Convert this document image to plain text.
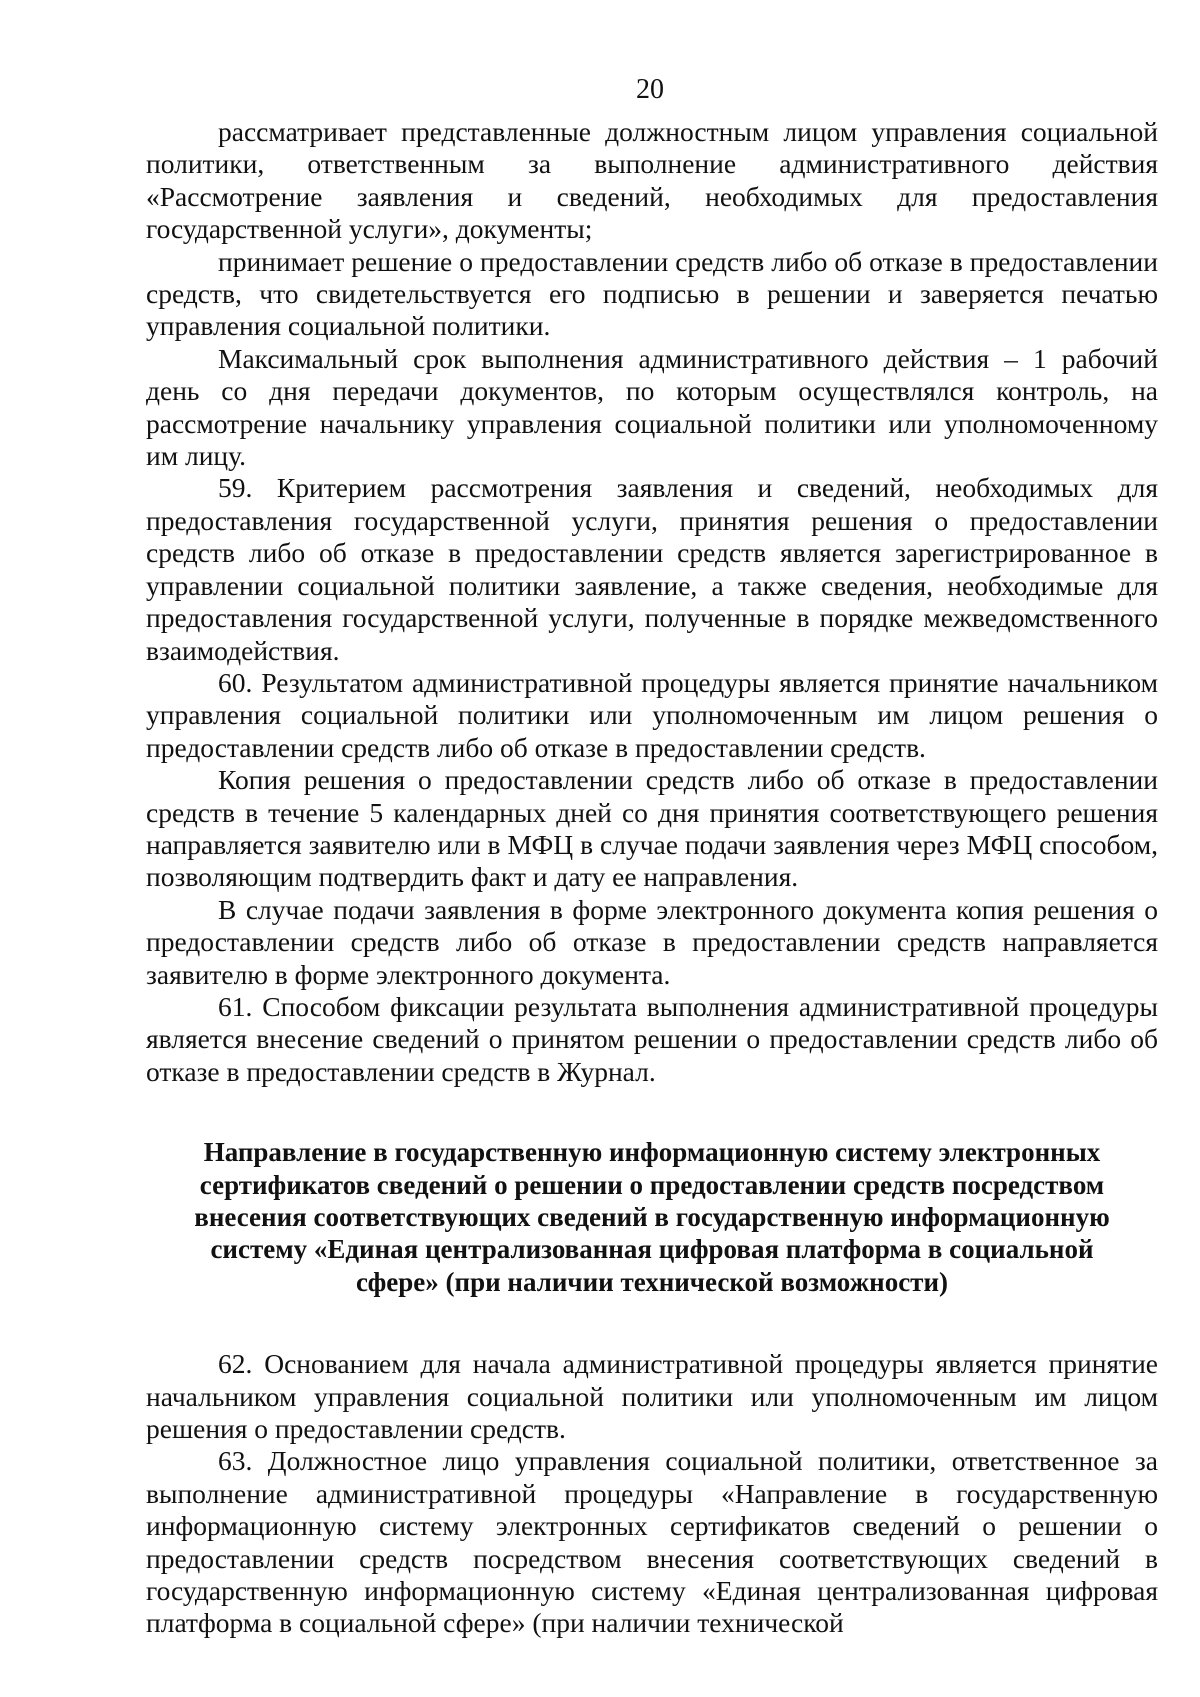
20

рассматривает представленные должностным лицом управления социальной политики, ответственным за выполнение административного действия «Рассмотрение заявления и сведений, необходимых для предоставления государственной услуги», документы;

принимает решение о предоставлении средств либо об отказе в предоставлении средств, что свидетельствуется его подписью в решении и заверяется печатью управления социальной политики.

Максимальный срок выполнения административного действия – 1 рабочий день со дня передачи документов, по которым осуществлялся контроль, на рассмотрение начальнику управления социальной политики или уполномоченному им лицу.

59. Критерием рассмотрения заявления и сведений, необходимых для предоставления государственной услуги, принятия решения о предоставлении средств либо об отказе в предоставлении средств является зарегистрированное в управлении социальной политики заявление, а также сведения, необходимые для предоставления государственной услуги, полученные в порядке межведомственного взаимодействия.

60. Результатом административной процедуры является принятие начальником управления социальной политики или уполномоченным им лицом решения о предоставлении средств либо об отказе в предоставлении средств.

Копия решения о предоставлении средств либо об отказе в предоставлении средств в течение 5 календарных дней со дня принятия соответствующего решения направляется заявителю или в МФЦ в случае подачи заявления через МФЦ способом, позволяющим подтвердить факт и дату ее направления.

В случае подачи заявления в форме электронного документа копия решения о предоставлении средств либо об отказе в предоставлении средств направляется заявителю в форме электронного документа.

61. Способом фиксации результата выполнения административной процедуры является внесение сведений о принятом решении о предоставлении средств либо об отказе в предоставлении средств в Журнал.

Направление в государственную информационную систему электронных
сертификатов сведений о решении о предоставлении средств посредством
внесения соответствующих сведений в государственную информационную
систему «Единая централизованная цифровая платформа в социальной
сфере» (при наличии технической возможности)

62. Основанием для начала административной процедуры является принятие начальником управления социальной политики или уполномоченным им лицом решения о предоставлении средств.

63. Должностное лицо управления социальной политики, ответственное за выполнение административной процедуры «Направление в государственную информационную систему электронных сертификатов сведений о решении о предоставлении средств посредством внесения соответствующих сведений в государственную информационную систему «Единая централизованная цифровая платформа в социальной сфере» (при наличии технической
